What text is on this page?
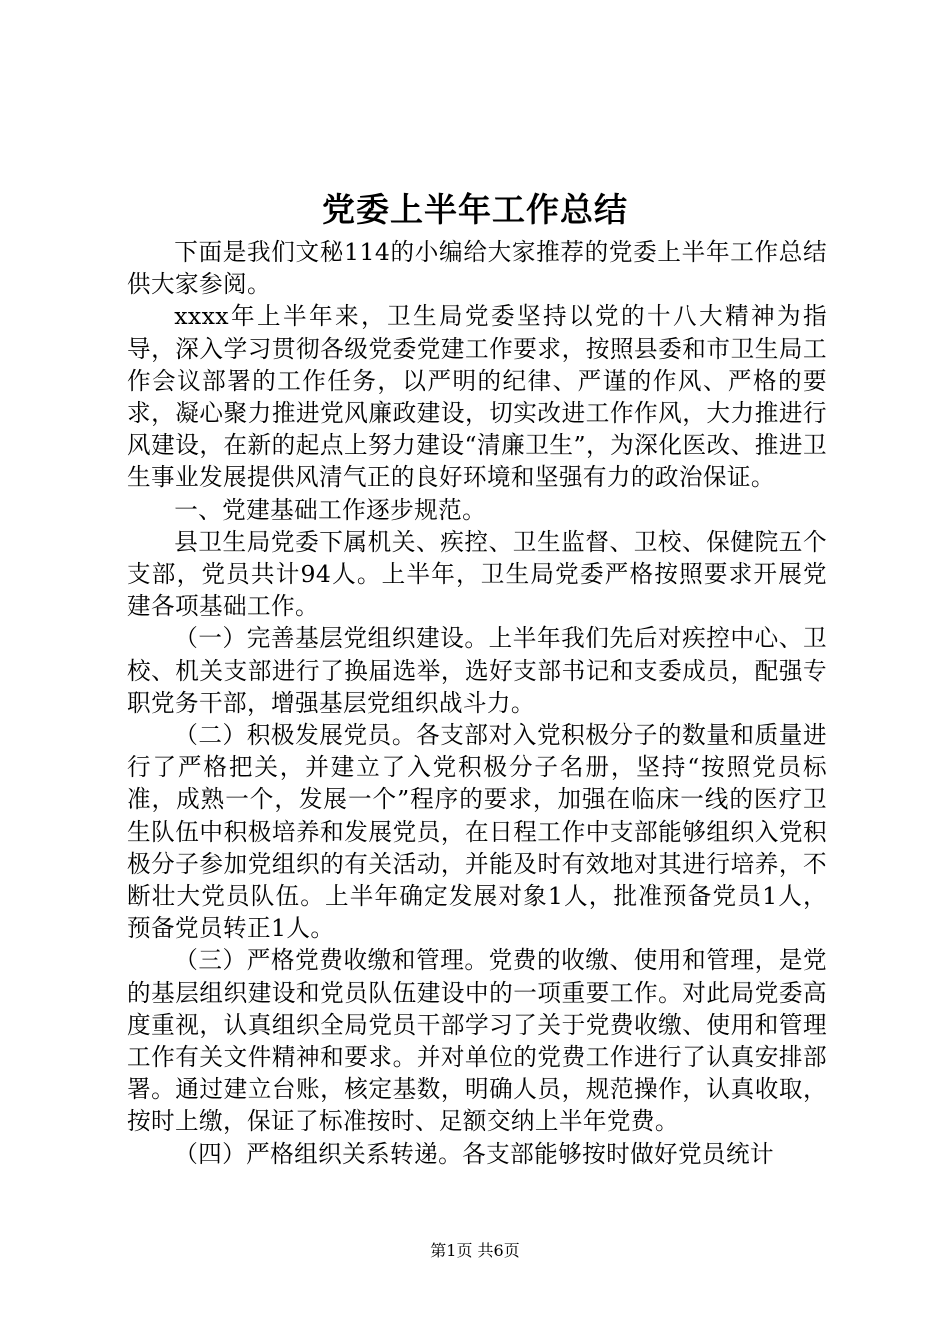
党委上半年工作总结

下面是我们文秘114的小编给大家推荐的党委上半年工作总结供大家参阅。

xxxx年上半年来，卫生局党委坚持以党的十八大精神为指导，深入学习贯彻各级党委党建工作要求，按照县委和市卫生局工作会议部署的工作任务，以严明的纪律、严谨的作风、严格的要求，凝心聚力推进党风廉政建设，切实改进工作作风，大力推进行风建设，在新的起点上努力建设“清廉卫生”，为深化医改、推进卫生事业发展提供风清气正的良好环境和坚强有力的政治保证。

一、党建基础工作逐步规范。

县卫生局党委下属机关、疾控、卫生监督、卫校、保健院五个支部，党员共计94人。上半年，卫生局党委严格按照要求开展党建各项基础工作。

（一）完善基层党组织建设。上半年我们先后对疾控中心、卫校、机关支部进行了换届选举，选好支部书记和支委成员，配强专职党务干部，增强基层党组织战斗力。

（二）积极发展党员。各支部对入党积极分子的数量和质量进行了严格把关，并建立了入党积极分子名册，坚持“按照党员标准，成熟一个，发展一个”程序的要求，加强在临床一线的医疗卫生队伍中积极培养和发展党员，在日程工作中支部能够组织入党积极分子参加党组织的有关活动，并能及时有效地对其进行培养，不断壮大党员队伍。上半年确定发展对象1人，批准预备党员1人，预备党员转正1人。

（三）严格党费收缴和管理。党费的收缴、使用和管理，是党的基层组织建设和党员队伍建设中的一项重要工作。对此局党委高度重视，认真组织全局党员干部学习了关于党费收缴、使用和管理工作有关文件精神和要求。并对单位的党费工作进行了认真安排部署。通过建立台账，核定基数，明确人员，规范操作，认真收取，按时上缴，保证了标准按时、足额交纳上半年党费。

（四）严格组织关系转递。各支部能够按时做好党员统计

第1页 共6页
